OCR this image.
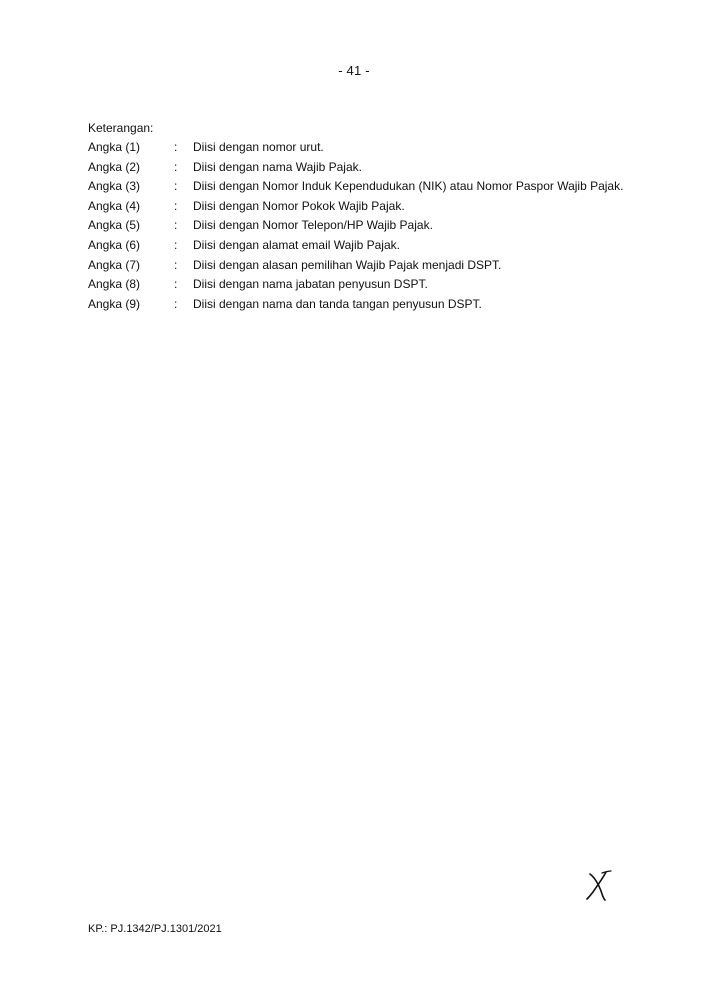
- 41 -
Keterangan:
Angka (1)	: Diisi dengan nomor urut.
Angka (2)	: Diisi dengan nama Wajib Pajak.
Angka (3)	: Diisi dengan Nomor Induk Kependudukan (NIK) atau Nomor Paspor Wajib Pajak.
Angka (4)	: Diisi dengan Nomor Pokok Wajib Pajak.
Angka (5)	: Diisi dengan Nomor Telepon/HP Wajib Pajak.
Angka (6)	: Diisi dengan alamat email Wajib Pajak.
Angka (7)	: Diisi dengan alasan pemilihan Wajib Pajak menjadi DSPT.
Angka (8)	: Diisi dengan nama jabatan penyusun DSPT.
Angka (9)	: Diisi dengan nama dan tanda tangan penyusun DSPT.
KP.: PJ.1342/PJ.1301/2021
